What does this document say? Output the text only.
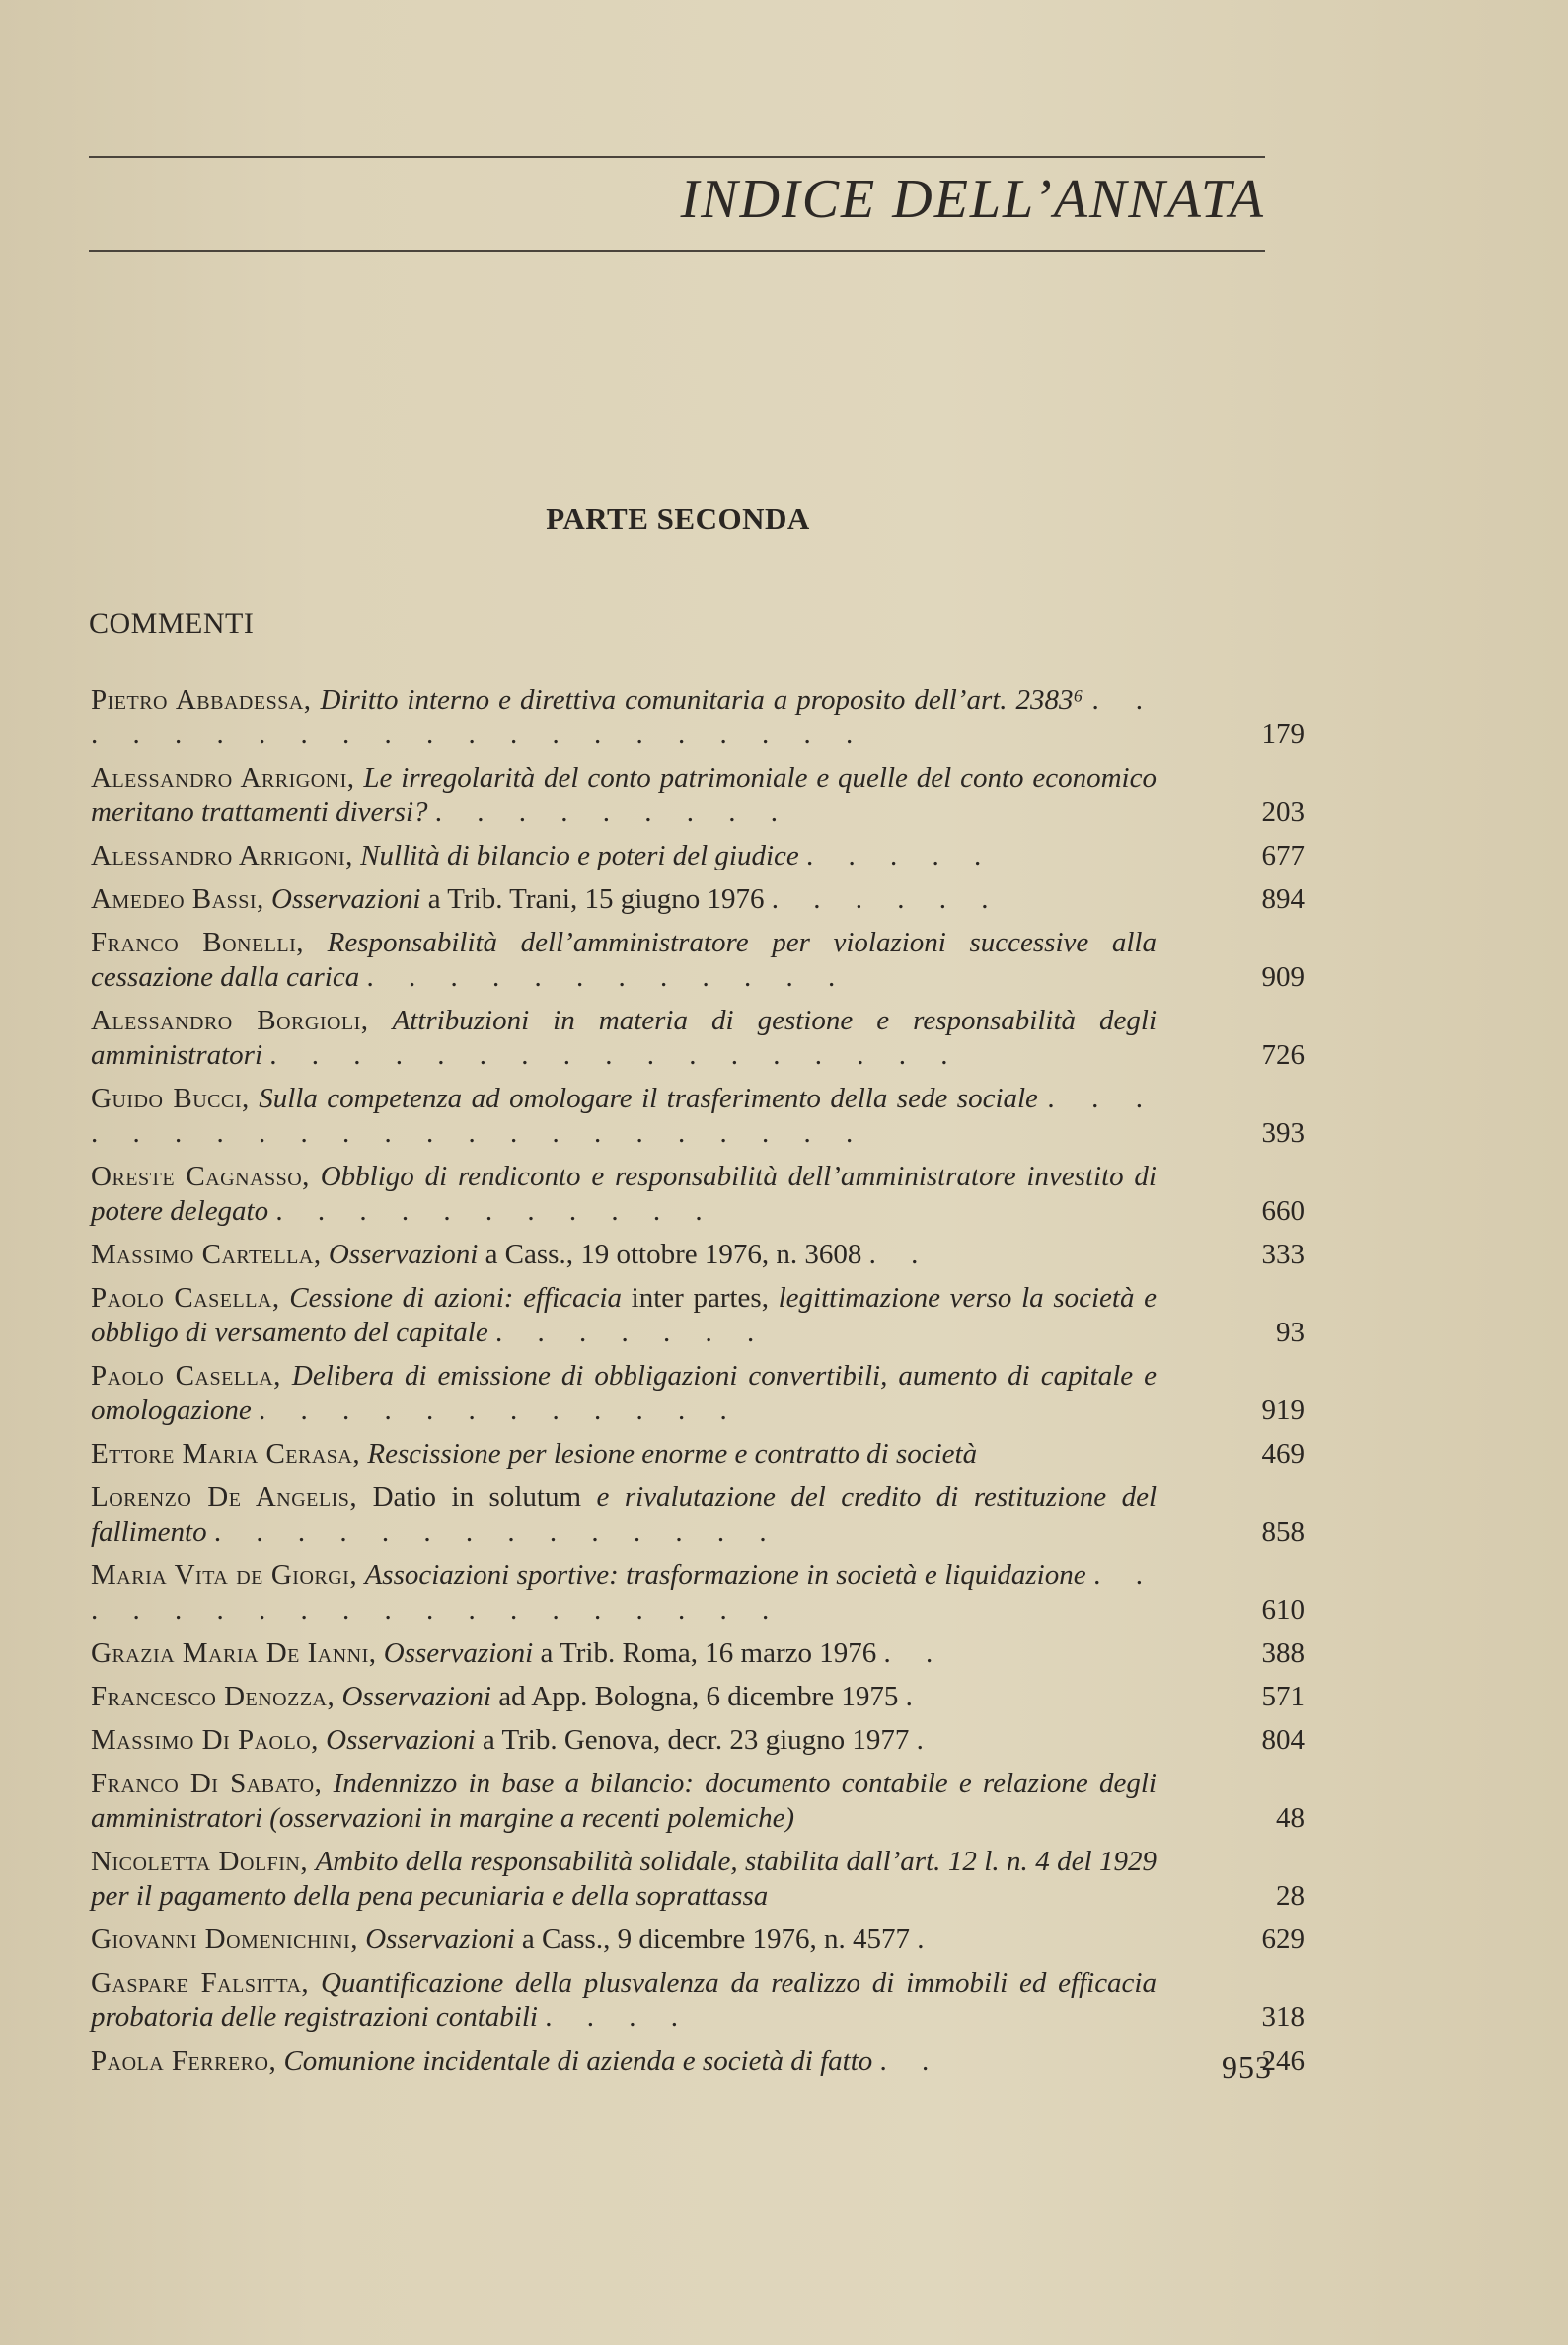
INDICE DELL’ANNATA
PARTE SECONDA
COMMENTI
Pietro Abbadessa, Diritto interno e direttiva comunitaria a proposito dell’art. 2383⁶ . . . . . . . . . . . . . . . . . . . . .	179
Alessandro Arrigoni, Le irregolarità del conto patrimoniale e quelle del conto economico meritano trattamenti diversi? . . . . . . . . .	203
Alessandro Arrigoni, Nullità di bilancio e poteri del giudice . . . . .	677
Amedeo Bassi, Osservazioni a Trib. Trani, 15 giugno 1976 . . . . . .	894
Franco Bonelli, Responsabilità dell’amministratore per violazioni successive alla cessazione dalla carica . . . . . . . . . . . .	909
Alessandro Borgioli, Attribuzioni in materia di gestione e responsabilità degli amministratori . . . . . . . . . . . . . . . . .	726
Guido Bucci, Sulla competenza ad omologare il trasferimento della sede sociale . . . . . . . . . . . . . . . . . . . . . .	393
Oreste Cagnasso, Obbligo di rendiconto e responsabilità dell’amministratore investito di potere delegato . . . . . . . . . . .	660
Massimo Cartella, Osservazioni a Cass., 19 ottobre 1976, n. 3608 . .	333
Paolo Casella, Cessione di azioni: efficacia inter partes, legittimazione verso la società e obbligo di versamento del capitale . . . . . . .	93
Paolo Casella, Delibera di emissione di obbligazioni convertibili, aumento di capitale e omologazione . . . . . . . . . . . .	919
Ettore Maria Cerasa, Rescissione per lesione enorme e contratto di società	469
Lorenzo De Angelis, Datio in solutum e rivalutazione del credito di restituzione del fallimento . . . . . . . . . . . . . .	858
Maria Vita de Giorgi, Associazioni sportive: trasformazione in società e liquidazione . . . . . . . . . . . . . . . . . . .	610
Grazia Maria De Ianni, Osservazioni a Trib. Roma, 16 marzo 1976 . .	388
Francesco Denozza, Osservazioni ad App. Bologna, 6 dicembre 1975 .	571
Massimo Di Paolo, Osservazioni a Trib. Genova, decr. 23 giugno 1977 .	804
Franco Di Sabato, Indennizzo in base a bilancio: documento contabile e relazione degli amministratori (osservazioni in margine a recenti polemiche)	48
Nicoletta Dolfin, Ambito della responsabilità solidale, stabilita dall’art. 12 l. n. 4 del 1929 per il pagamento della pena pecuniaria e della soprattassa	28
Giovanni Domenichini, Osservazioni a Cass., 9 dicembre 1976, n. 4577 .	629
Gaspare Falsitta, Quantificazione della plusvalenza da realizzo di immobili ed efficacia probatoria delle registrazioni contabili . . . .	318
Paola Ferrero, Comunione incidentale di azienda e società di fatto . .	246
953
